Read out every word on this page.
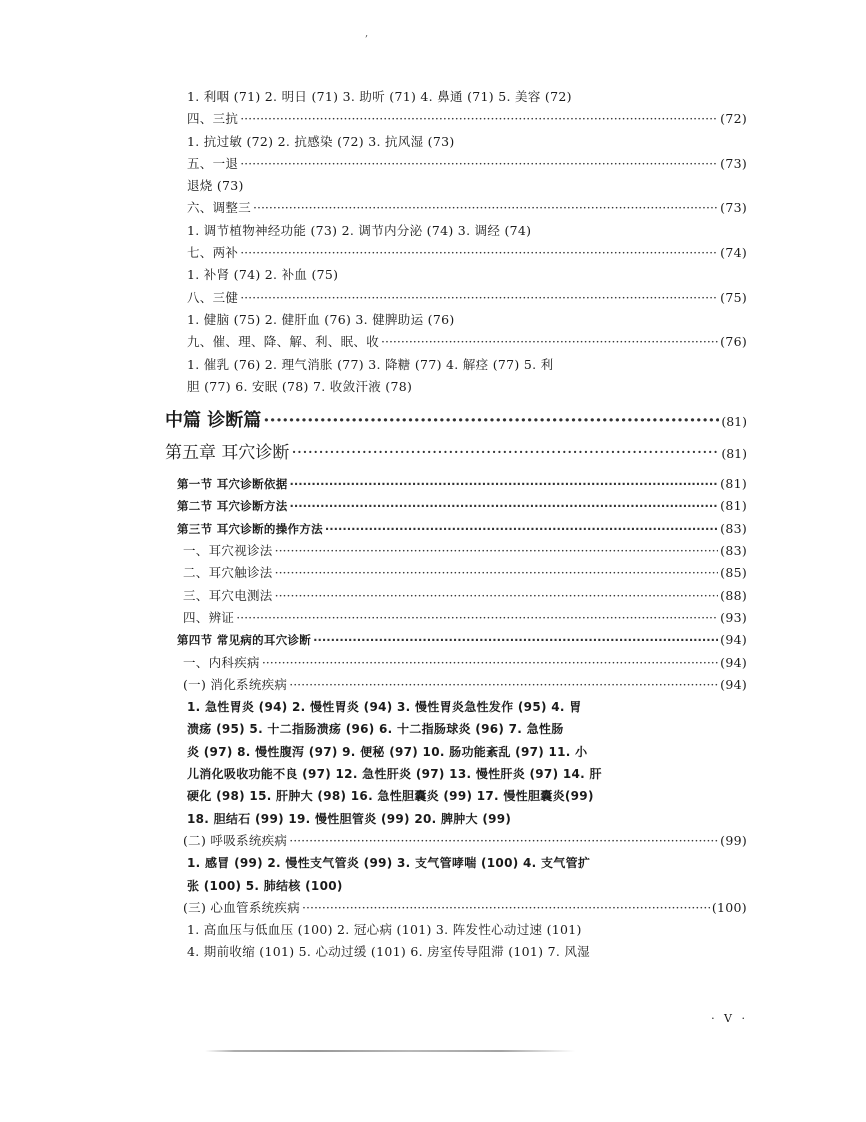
,
1. 利咽 (71) 2. 明日 (71) 3. 助听 (71) 4. 鼻通 (71) 5. 美容 (72)
四、三抗 ·····	(72)
1. 抗过敏 (72) 2. 抗感染 (72) 3. 抗风湿 (73)
五、一退 ·····	(73)
退烧 (73)
六、调整三 ·····	(73)
1. 调节植物神经功能 (73) 2. 调节内分泌 (74) 3. 调经 (74)
七、两补 ·····	(74)
1. 补肾 (74) 2. 补血 (75)
八、三健 ·····	(75)
1. 健脑 (75) 2. 健肝血 (76) 3. 健脾助运 (76)
九、催、理、降、解、利、眠、收 ·····	(76)
1. 催乳 (76) 2. 理气消胀 (77) 3. 降糖 (77) 4. 解痉 (77) 5. 利
胆 (77) 6. 安眠 (78) 7. 收敛汗液 (78)
中篇 诊断篇 ·····	(81)
第五章 耳穴诊断 ·····	(81)
第一节 耳穴诊断依据 ·····	(81)
第二节 耳穴诊断方法 ·····	(81)
第三节 耳穴诊断的操作方法 ·····	(83)
一、耳穴视诊法 ·····	(83)
二、耳穴触诊法 ·····	(85)
三、耳穴电测法 ·····	(88)
四、辨证 ·····	(93)
第四节 常见病的耳穴诊断 ·····	(94)
一、内科疾病 ·····	(94)
(一) 消化系统疾病 ·····	(94)
1. 急性胃炎 (94) 2. 慢性胃炎 (94) 3. 慢性胃炎急性发作 (95) 4. 胃
溃疡 (95) 5. 十二指肠溃疡 (96) 6. 十二指肠球炎 (96) 7. 急性肠
炎 (97) 8. 慢性腹泻 (97) 9. 便秘 (97) 10. 肠功能紊乱 (97) 11. 小
儿消化吸收功能不良 (97) 12. 急性肝炎 (97) 13. 慢性肝炎 (97) 14. 肝
硬化 (98) 15. 肝肿大 (98) 16. 急性胆囊炎 (99) 17. 慢性胆囊炎(99)
18. 胆结石 (99) 19. 慢性胆管炎 (99) 20. 脾肿大 (99)
(二) 呼吸系统疾病 ·····	(99)
1. 感冒 (99) 2. 慢性支气管炎 (99) 3. 支气管哮喘 (100) 4. 支气管扩
张 (100) 5. 肺结核 (100)
(三) 心血管系统疾病 ·····	(100)
1. 高血压与低血压 (100) 2. 冠心病 (101) 3. 阵发性心动过速 (101)
4. 期前收缩 (101) 5. 心动过缓 (101) 6. 房室传导阻滞 (101) 7. 风湿
· V ·
